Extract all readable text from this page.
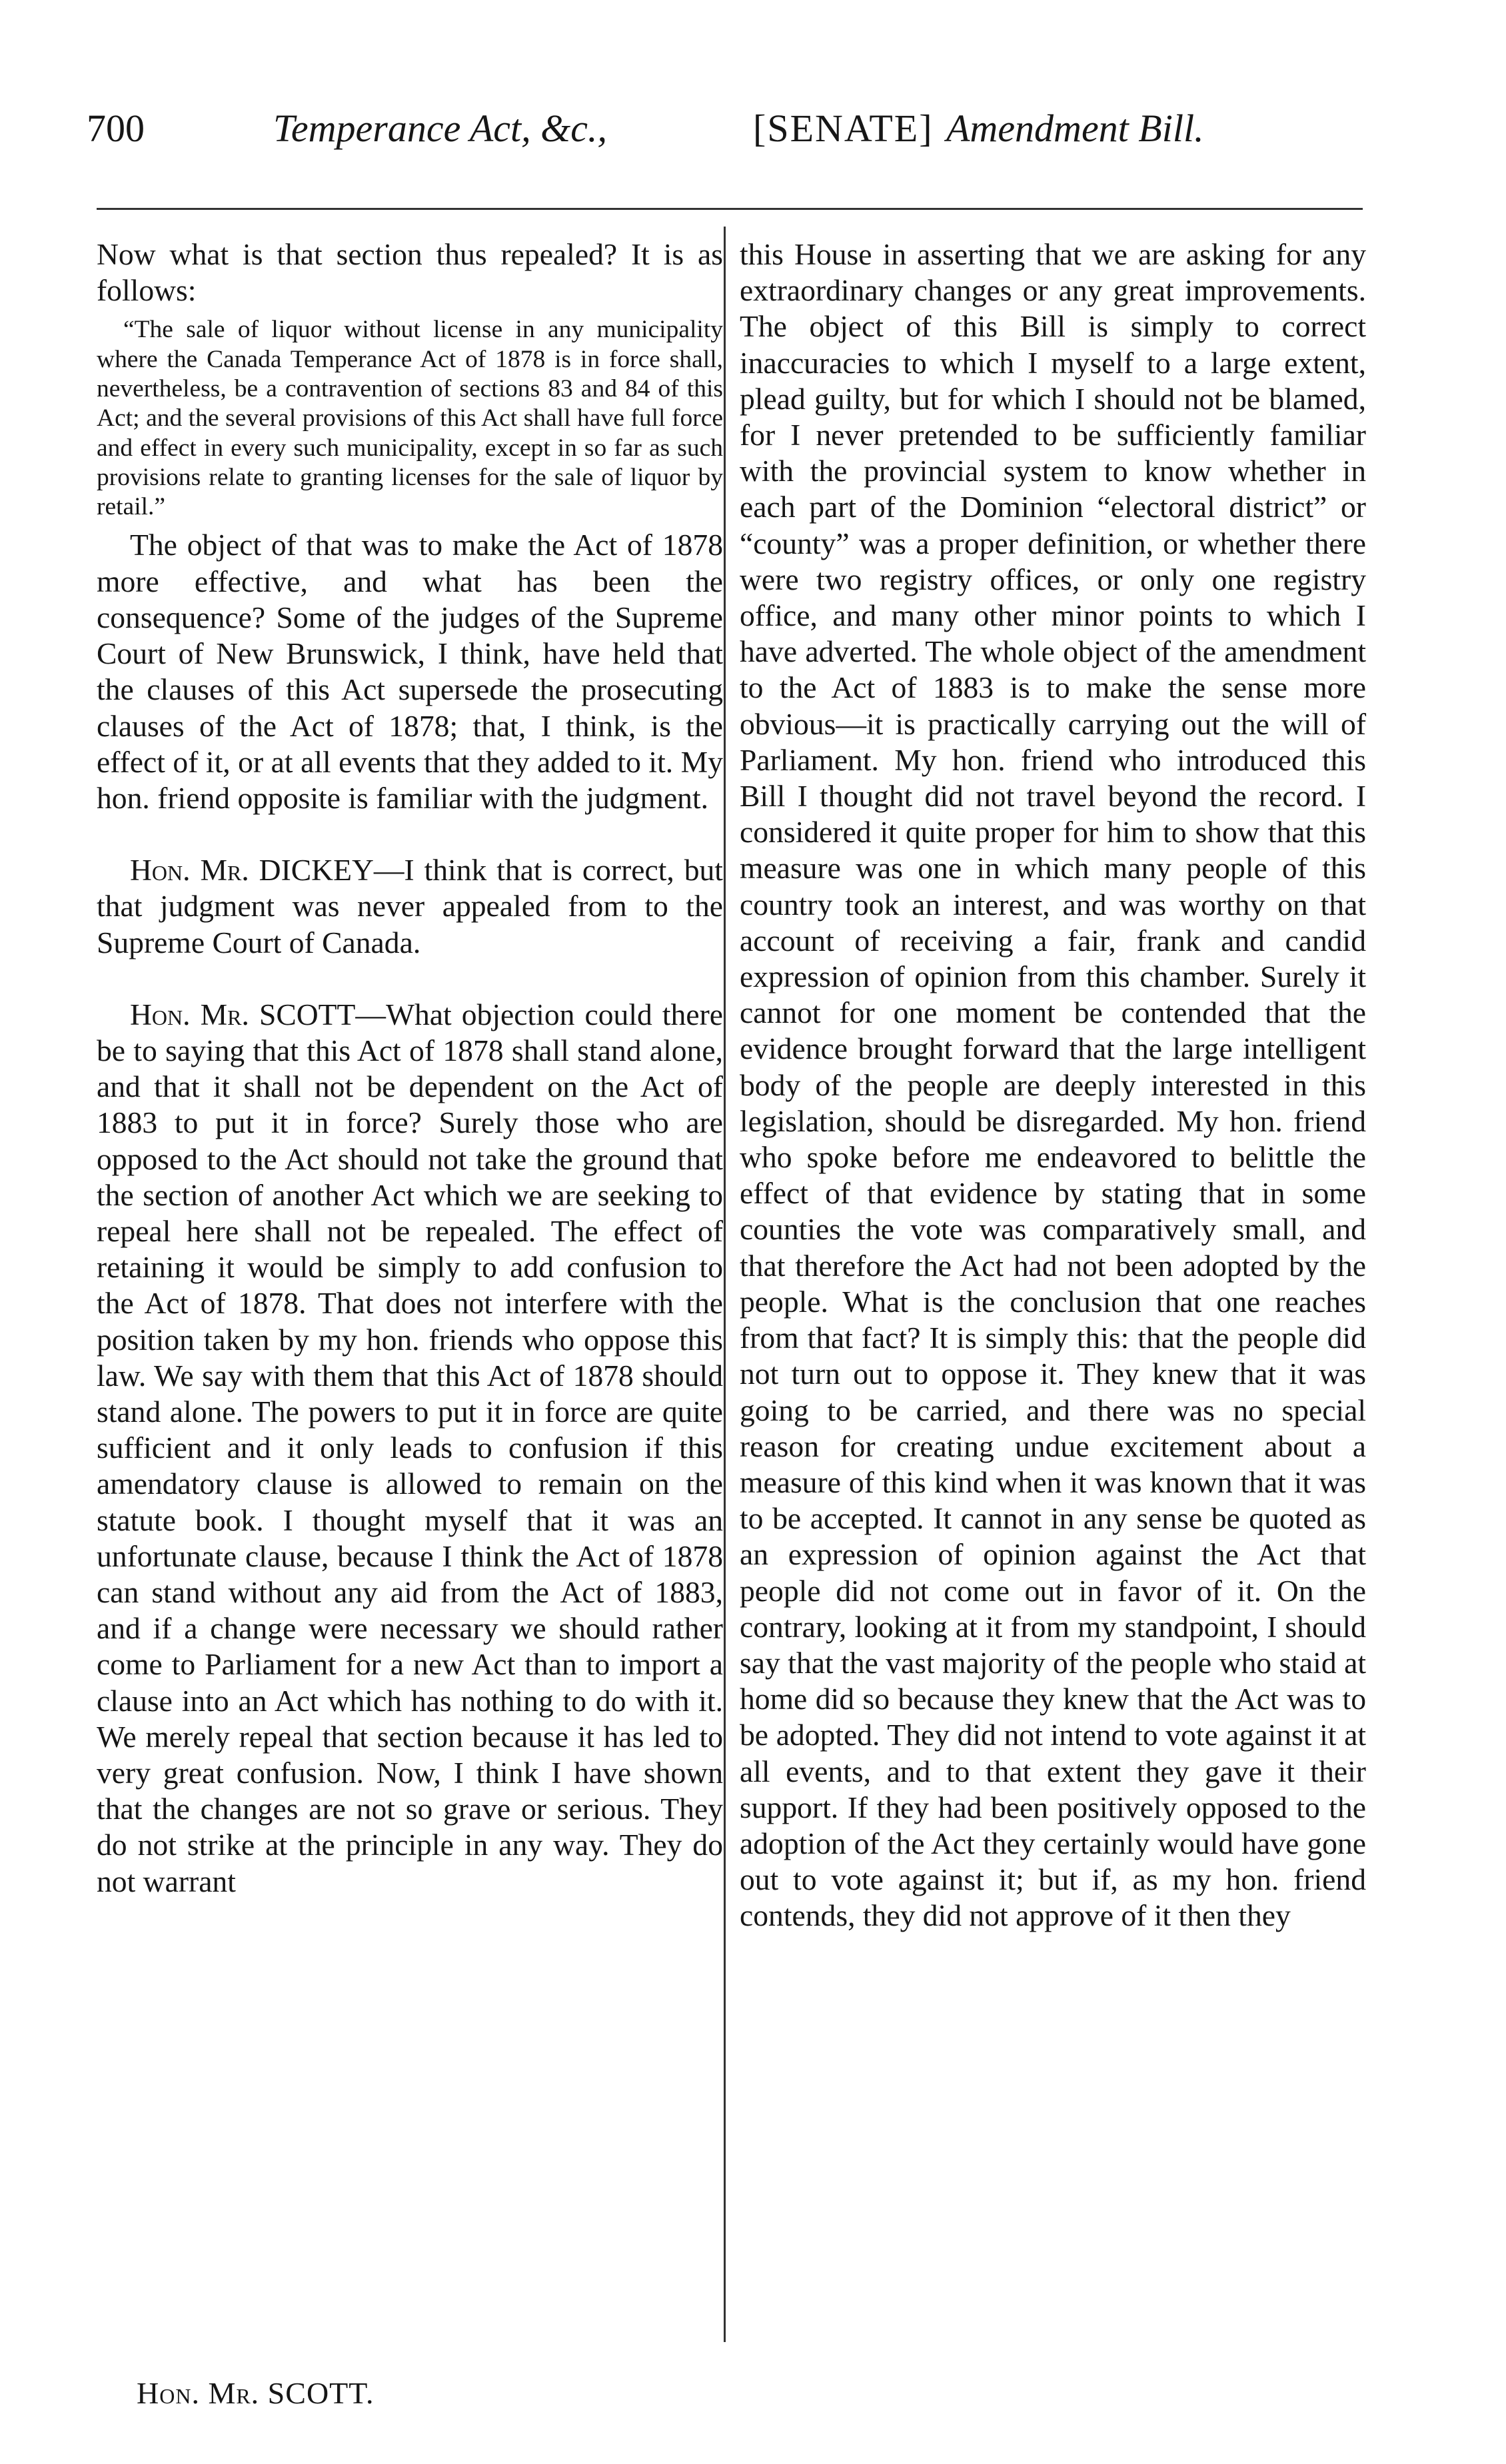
700	Temperance Act, &c.,	[SENATE] Amendment Bill.

Now what is that section thus repealed? It is as follows:

“The sale of liquor without license in any municipality where the Canada Temperance Act of 1878 is in force shall, nevertheless, be a contravention of sections 83 and 84 of this Act; and the several provisions of this Act shall have full force and effect in every such municipality, except in so far as such provisions relate to granting licenses for the sale of liquor by retail.”

The object of that was to make the Act of 1878 more effective, and what has been the consequence? Some of the judges of the Supreme Court of New Brunswick, I think, have held that the clauses of this Act supersede the prosecuting clauses of the Act of 1878; that, I think, is the effect of it, or at all events that they added to it. My hon. friend opposite is familiar with the judgment.

Hon. Mr. DICKEY—I think that is correct, but that judgment was never appealed from to the Supreme Court of Canada.

Hon. Mr. SCOTT—What objection could there be to saying that this Act of 1878 shall stand alone, and that it shall not be dependent on the Act of 1883 to put it in force? Surely those who are opposed to the Act should not take the ground that the section of another Act which we are seeking to repeal here shall not be repealed. The effect of retaining it would be simply to add confusion to the Act of 1878. That does not interfere with the position taken by my hon. friends who oppose this law. We say with them that this Act of 1878 should stand alone. The powers to put it in force are quite sufficient and it only leads to confusion if this amendatory clause is allowed to remain on the statute book. I thought myself that it was an unfortunate clause, because I think the Act of 1878 can stand without any aid from the Act of 1883, and if a change were necessary we should rather come to Parliament for a new Act than to import a clause into an Act which has nothing to do with it. We merely repeal that section because it has led to very great confusion. Now, I think I have shown that the changes are not so grave or serious. They do not strike at the principle in any way. They do not warrant

this House in asserting that we are asking for any extraordinary changes or any great improvements. The object of this Bill is simply to correct inaccuracies to which I myself to a large extent, plead guilty, but for which I should not be blamed, for I never pretended to be sufficiently familiar with the provincial system to know whether in each part of the Dominion “electoral district” or “county” was a proper definition, or whether there were two registry offices, or only one registry office, and many other minor points to which I have adverted. The whole object of the amendment to the Act of 1883 is to make the sense more obvious—it is practically carrying out the will of Parliament. My hon. friend who introduced this Bill I thought did not travel beyond the record. I considered it quite proper for him to show that this measure was one in which many people of this country took an interest, and was worthy on that account of receiving a fair, frank and candid expression of opinion from this chamber. Surely it cannot for one moment be contended that the evidence brought forward that the large intelligent body of the people are deeply interested in this legislation, should be disregarded. My hon. friend who spoke before me endeavored to belittle the effect of that evidence by stating that in some counties the vote was comparatively small, and that therefore the Act had not been adopted by the people. What is the conclusion that one reaches from that fact? It is simply this: that the people did not turn out to oppose it. They knew that it was going to be carried, and there was no special reason for creating undue excitement about a measure of this kind when it was known that it was to be accepted. It cannot in any sense be quoted as an expression of opinion against the Act that people did not come out in favor of it. On the contrary, looking at it from my standpoint, I should say that the vast majority of the people who staid at home did so because they knew that the Act was to be adopted. They did not intend to vote against it at all events, and to that extent they gave it their support. If they had been positively opposed to the adoption of the Act they certainly would have gone out to vote against it; but if, as my hon. friend contends, they did not approve of it then they

Hon. Mr. SCOTT.
